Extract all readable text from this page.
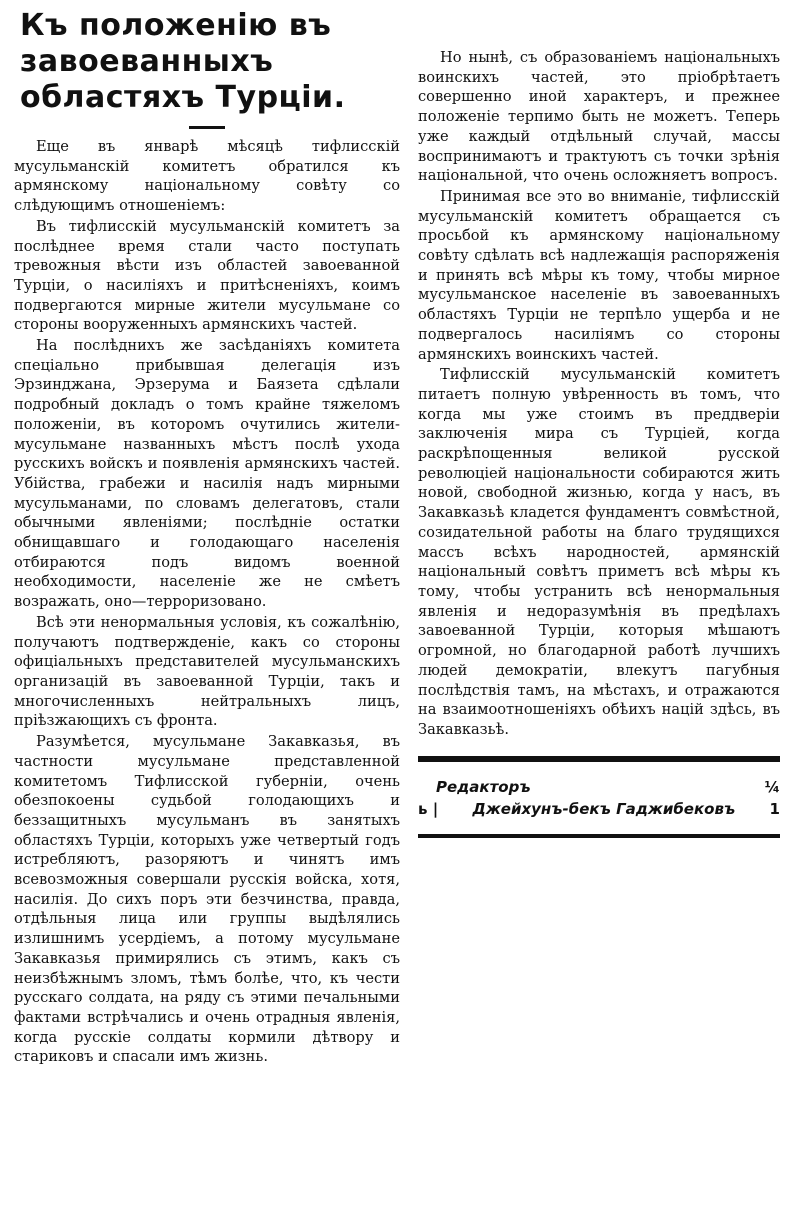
Къ положенію въ завоеванныхъ областяхъ Турціи.

Еще въ январѣ мѣсяцѣ тифлисскій мусульманскій комитетъ обратился къ армянскому національному совѣту со слѣдующимъ отношеніемъ:

Въ тифлисскій мусульманскій комитетъ за послѣднее время стали часто поступать тревожныя вѣсти изъ областей завоеванной Турціи, о насиліяхъ и притѣсненіяхъ, коимъ подвергаются мирные жители мусульмане со стороны вооруженныхъ армянскихъ частей.

На послѣднихъ же засѣданіяхъ комитета спеціально прибывшая делегація изъ Эрзинджана, Эрзерума и Баязета сдѣлали подробный докладъ о томъ крайне тяжеломъ положеніи, въ которомъ очутились жители-мусульмане названныхъ мѣстъ послѣ ухода русскихъ войскъ и появленія армянскихъ частей. Убійства, грабежи и насилія надъ мирными мусульманами, по словамъ делегатовъ, стали обычными явленіями; послѣдніе остатки обнищавшаго и голодающаго населенія отбираются подъ видомъ военной необходимости, населеніе же не смѣетъ возражать, оно—терроризовано.

Всѣ эти ненормальныя условія, къ сожалѣнію, получаютъ подтвержденіе, какъ со стороны офиціальныхъ представителей мусульманскихъ организацій въ завоеванной Турціи, такъ и многочисленныхъ нейтральныхъ лицъ, пріѣзжающихъ съ фронта.

Разумѣется, мусульмане Закавказья, въ частности мусульмане представленной комитетомъ Тифлисской губерніи, очень обезпокоены судьбой голодающихъ и беззащитныхъ мусульманъ въ занятыхъ областяхъ Турціи, которыхъ уже четвертый годъ истребляютъ, разоряютъ и чинятъ имъ всевозможныя совершали русскія войска, хотя, насилія. До сихъ поръ эти безчинства, правда, отдѣльныя лица или группы выдѣлялись излишнимъ усердіемъ, а потому мусульмане Закавказья примирялись съ этимъ, какъ съ неизбѣжнымъ зломъ, тѣмъ болѣе, что, къ чести русскаго солдата, на ряду съ этими печальными фактами встрѣчались и очень отрадныя явленія, когда русскіе солдаты кормили дѣтвору и стариковъ и спасали имъ жизнь.

Но нынѣ, съ образованіемъ національныхъ воинскихъ частей, это пріобрѣтаетъ совершенно иной характеръ, и прежнее положеніе терпимо быть не можетъ. Теперь уже каждый отдѣльный случай, массы воспринимаютъ и трактуютъ съ точки зрѣнія національной, что очень осложняетъ вопросъ.

Принимая все это во вниманіе, тифлисскій мусульманскій комитетъ обращается съ просьбой къ армянскому національному совѣту сдѣлать всѣ надлежащія распоряженія и принять всѣ мѣры къ тому, чтобы мирное мусульманское населеніе въ завоеванныхъ областяхъ Турціи не терпѣло ущерба и не подвергалось насиліямъ со стороны армянскихъ воинскихъ частей.

Тифлисскій мусульманскій комитетъ питаетъ полную увѣренность въ томъ, что когда мы уже стоимъ въ преддверіи заключенія мира съ Турціей, когда раскрѣпощенныя великой русской революціей національности собираются жить новой, свободной жизнью, когда у насъ, въ Закавказьѣ кладется фундаментъ совмѣстной, созидательной работы на благо трудящихся массъ всѣхъ народностей, армянскій національный совѣтъ приметъ всѣ мѣры къ тому, чтобы устранить всѣ ненормальныя явленія и недоразумѣнія въ предѣлахъ завоеванной Турціи, которыя мѣшаютъ огромной, но благодарной работѣ лучшихъ людей демократіи, влекутъ пагубныя послѣдствія тамъ, на мѣстахъ, и отражаются на взаимоотношеніяхъ обѣихъ націй здѣсь, въ Закавказьѣ.

Редакторъ	¼
ь | Джейхунъ-бекъ Гаджибековъ 1
